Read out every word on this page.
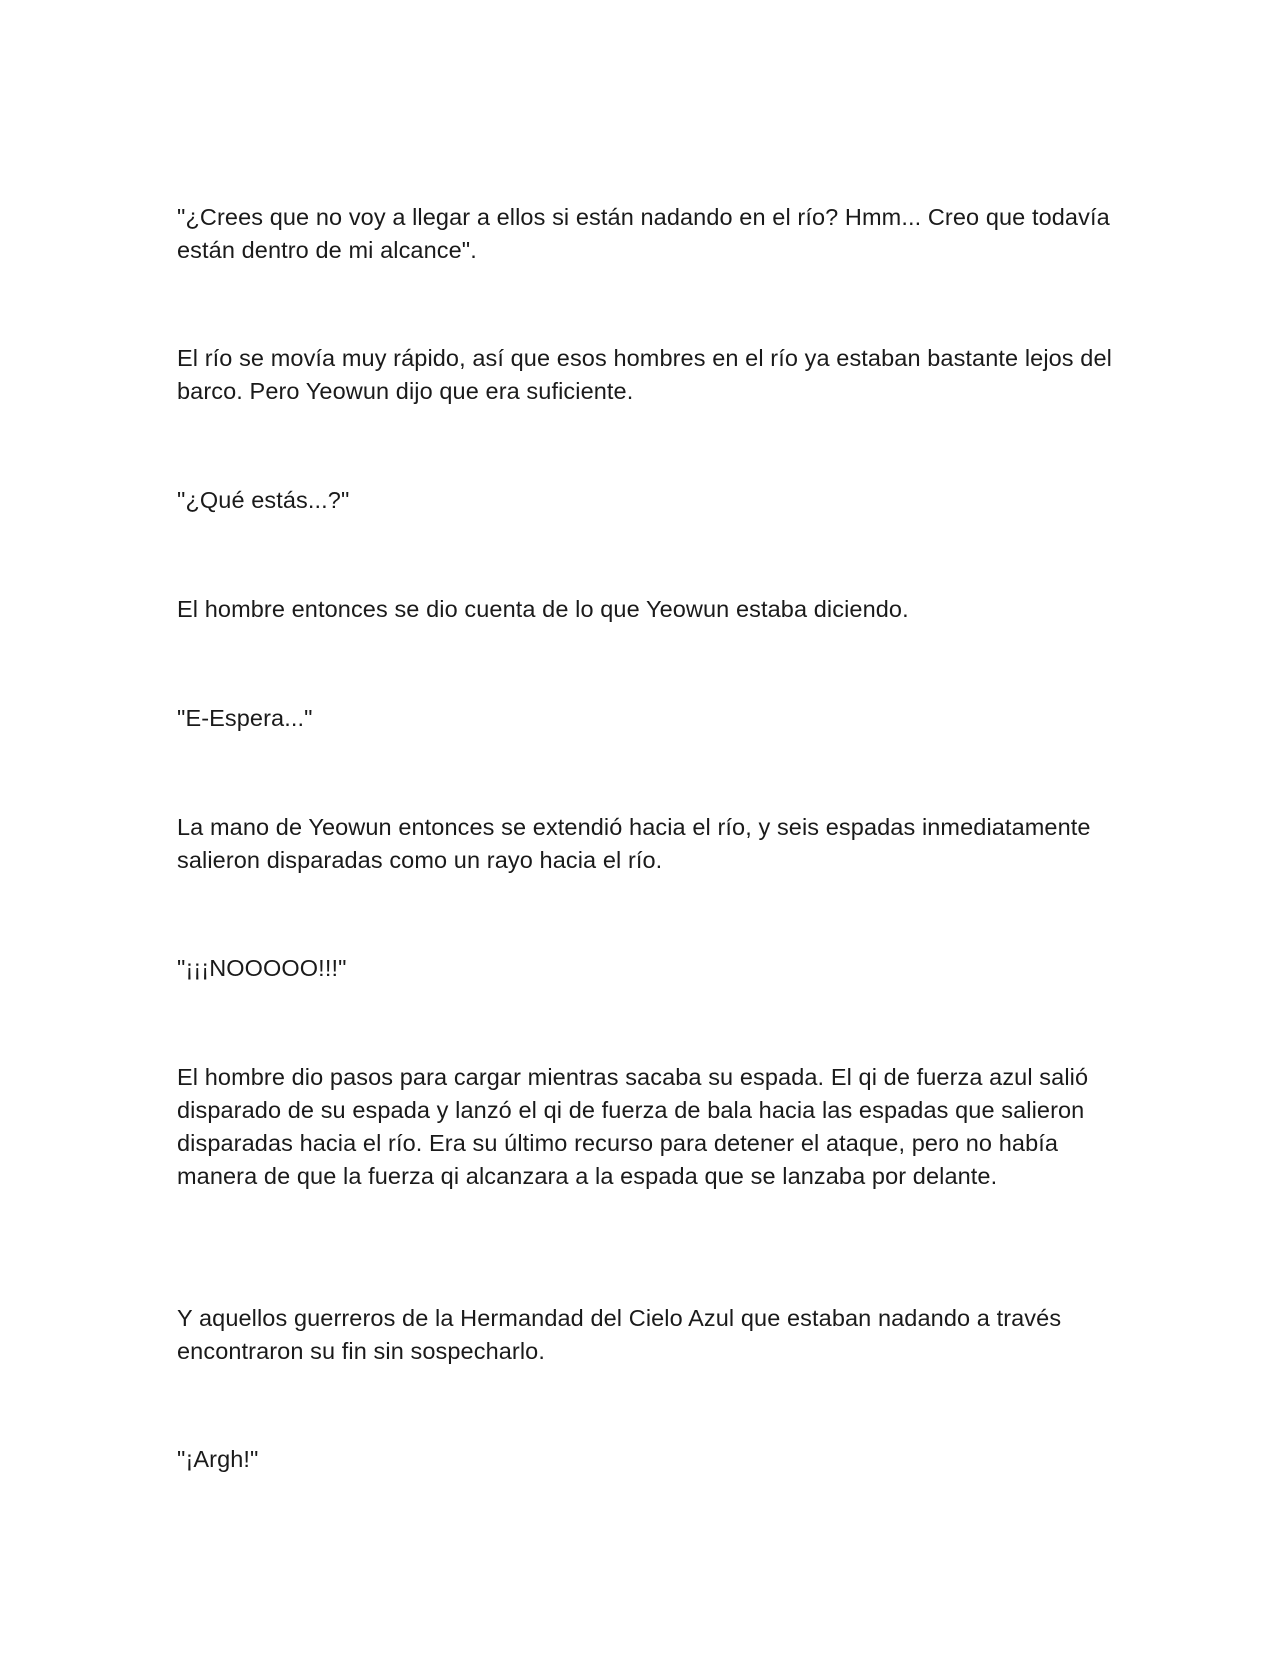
"¿Crees que no voy a llegar a ellos si están nadando en el río? Hmm... Creo que todavía están dentro de mi alcance".

El río se movía muy rápido, así que esos hombres en el río ya estaban bastante lejos del barco. Pero Yeowun dijo que era suficiente.

"¿Qué estás...?"

El hombre entonces se dio cuenta de lo que Yeowun estaba diciendo.

"E-Espera..."

La mano de Yeowun entonces se extendió hacia el río, y seis espadas inmediatamente salieron disparadas como un rayo hacia el río.

"¡¡¡NOOOOO!!!"

El hombre dio pasos para cargar mientras sacaba su espada. El qi de fuerza azul salió disparado de su espada y lanzó el qi de fuerza de bala hacia las espadas que salieron disparadas hacia el río. Era su último recurso para detener el ataque, pero no había manera de que la fuerza qi alcanzara a la espada que se lanzaba por delante.

Y aquellos guerreros de la Hermandad del Cielo Azul que estaban nadando a través encontraron su fin sin sospecharlo.

"¡Argh!"
